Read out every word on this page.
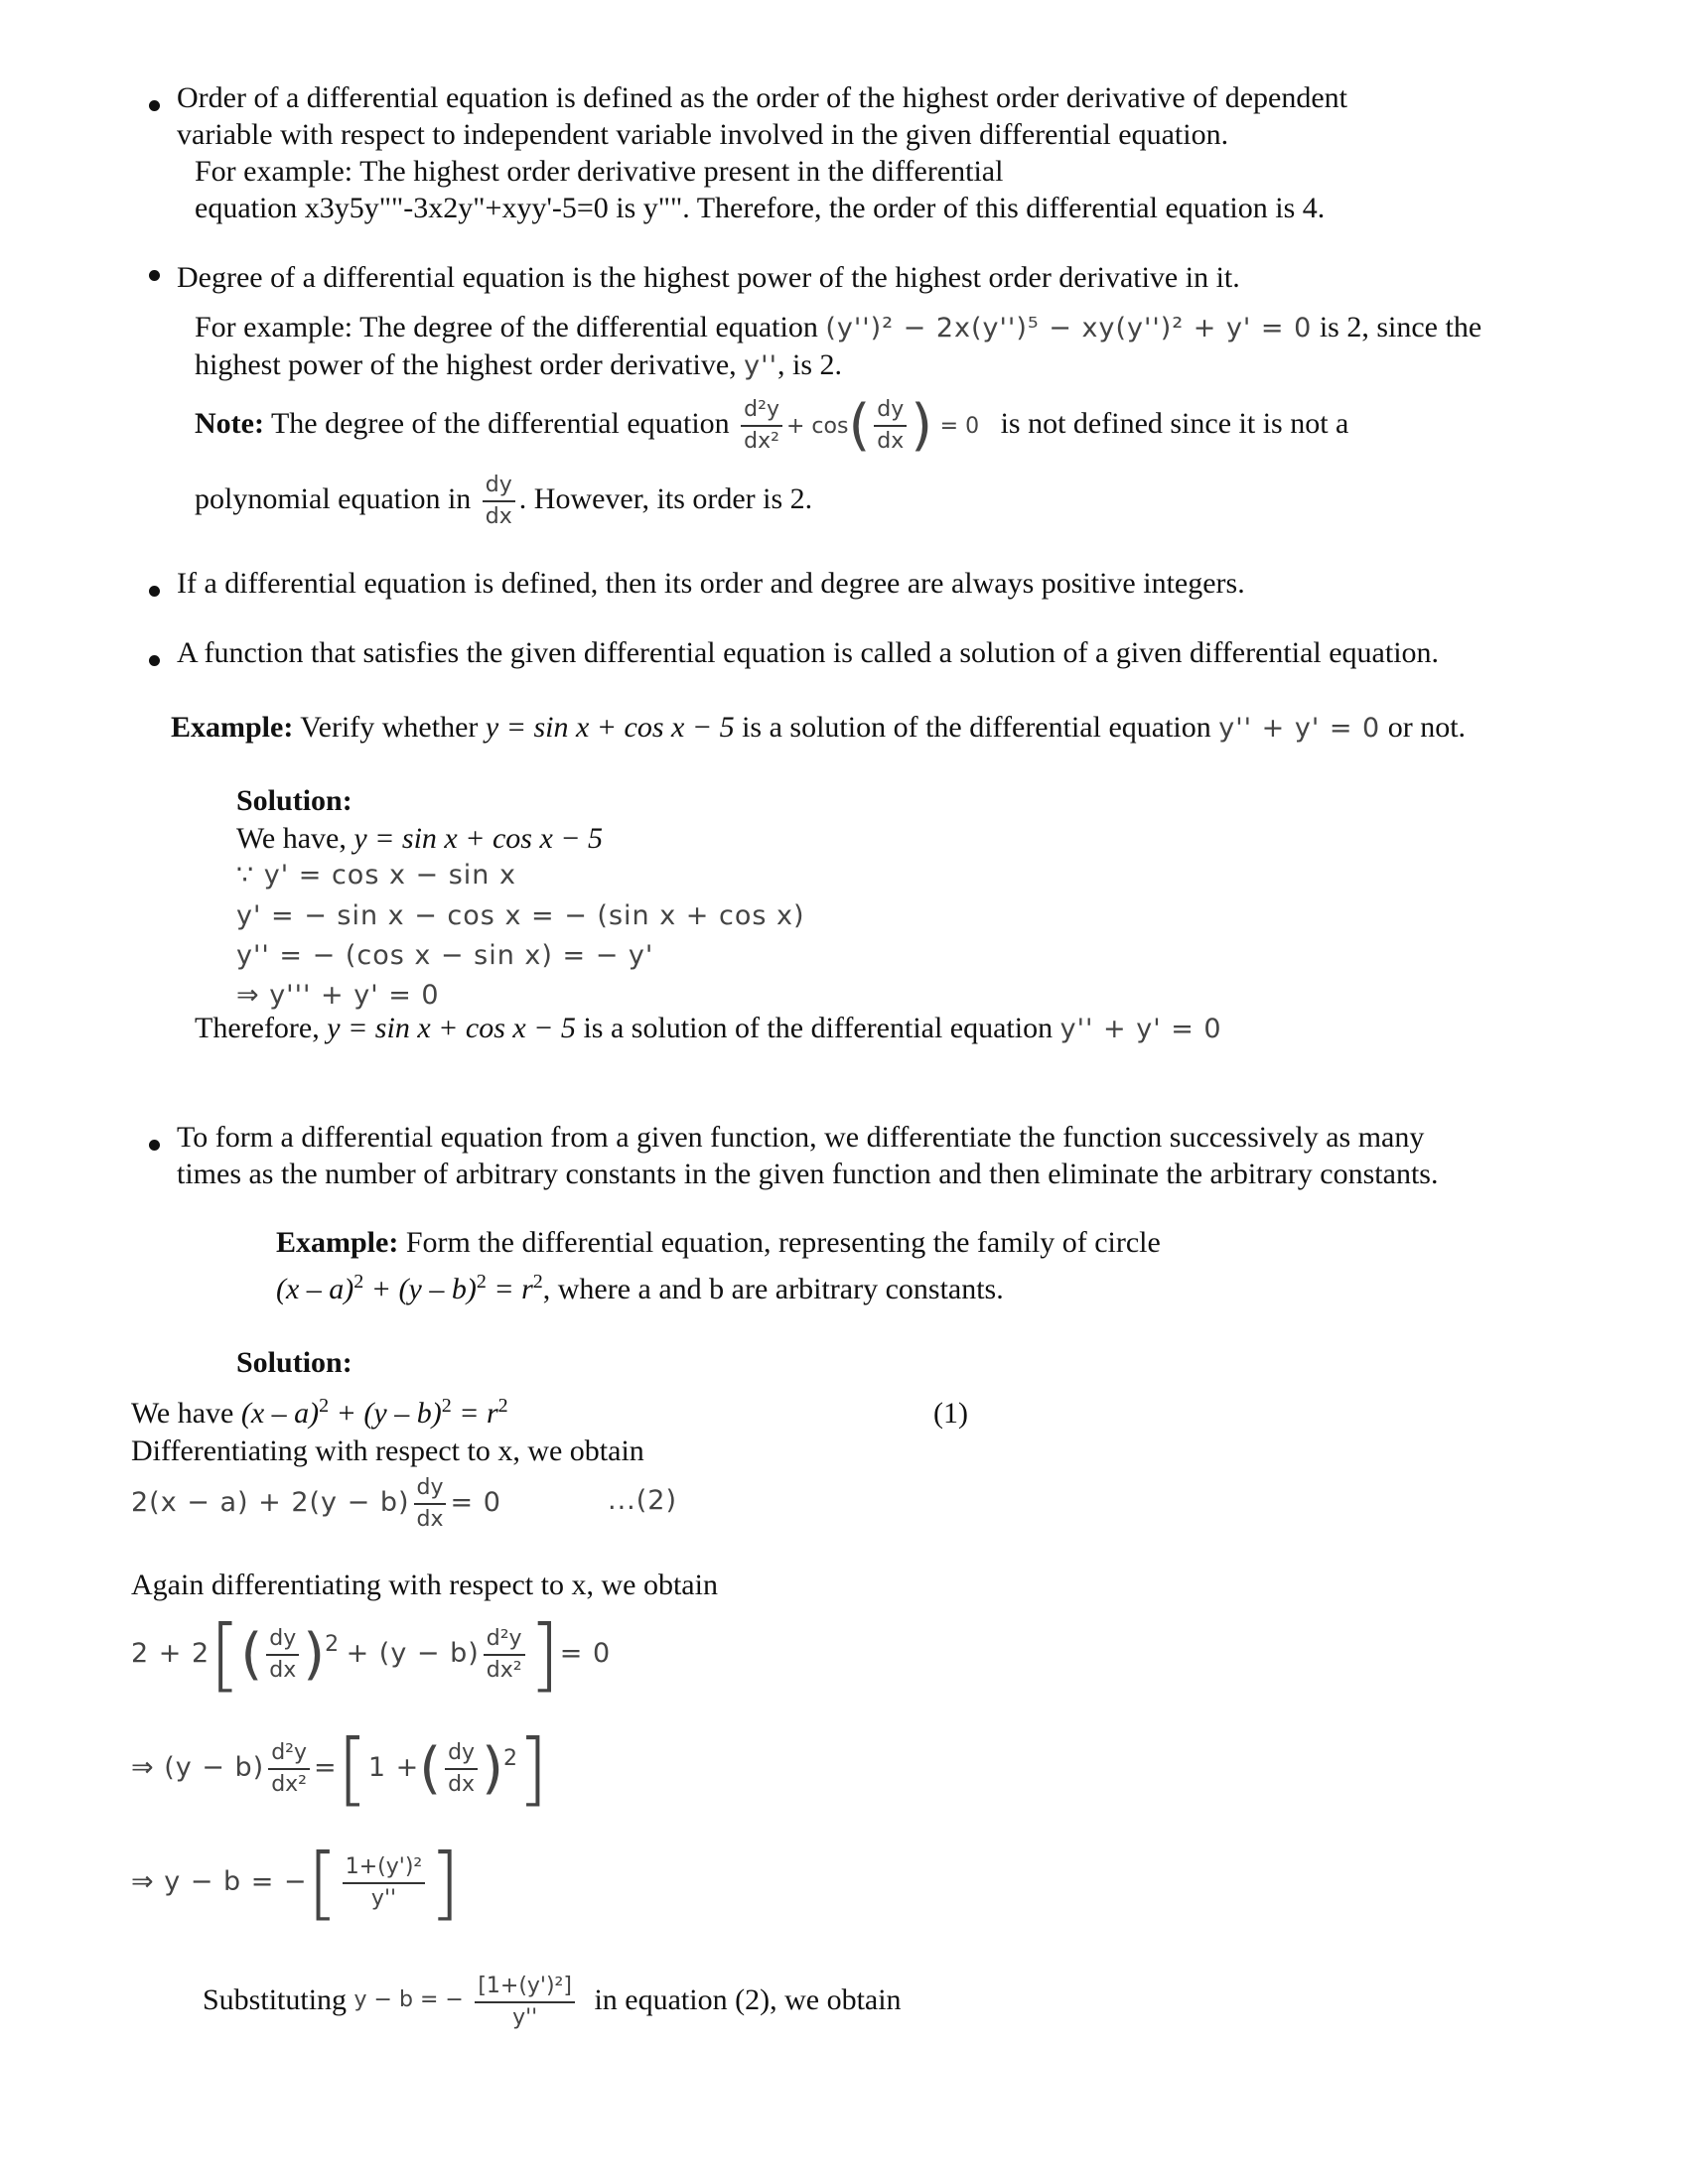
Order of a differential equation is defined as the order of the highest order derivative of dependent
variable with respect to independent variable involved in the given differential equation.
For example: The highest order derivative present in the differential
equation x3y5y""-3x2y"+xyy'-5=0 is y"". Therefore, the order of this differential equation is 4.
Degree of a differential equation is the highest power of the highest order derivative in it.
For example: The degree of the differential equation (y'')² − 2x(y'')⁵ − xy(y'')² + y' = 0 is 2, since the
highest power of the highest order derivative, y'', is 2.
Note: The degree of the differential equation $\frac{\text{d²y}}{\text{dx²}} + \cos( \frac{dy}{dx}$ ) = 0 is not defined since it is not a
polynomial equation in $\frac{dy}{dx}$ . However, its order is 2.
If a differential equation is defined, then its order and degree are always positive integers.
A function that satisfies the given differential equation is called a solution of a given differential equation.
Example: Verify whether y = sin x + cos x − 5 is a solution of the differential equation y'' + y' = 0 or not.
Solution:
We have, y = sin x + cos x − 5
∵ y' = cos x − sin x
y' = − sin x − cos x = − (sin x + cos x)
y'' = − (cos x − sin x) = − y'
⇒ y''' + y' = 0
Therefore, y = sin x + cos x − 5 is a solution of the differential equation y'' + y' = 0
To form a differential equation from a given function, we differentiate the function successively as many
times as the number of arbitrary constants in the given function and then eliminate the arbitrary constants.
Example: Form the differential equation, representing the family of circle
$(x - a)^2 + (y - b)^2 = r^2$, where a and b are arbitrary constants.
Solution:
We have $(x - a)^2 + (y - b)^2 = r^2$	(1)
Differentiating with respect to x, we obtain
$2(x - a) + 2(y - b) \frac{dy}{dx} = 0$	...(2)
Again differentiating with respect to x, we obtain
$2 + 2[( \frac{dy}{dx} )^2 + (y - b) \frac{\text{d²y}}{\text{dx²}}$ ]= 0
⇒ $(y - b) \frac{\text{d²y}}{\text{dx²}} =[1$ +( $\frac{dy}{dx} )^2$]
⇒ y − b = −[ $\frac{\text{1+(y')²}}{y''}$ ]
Substituting $^{y - b = -} \frac{\text{[1+(y')²]}}{y''}$ in equation (2), we obtain
